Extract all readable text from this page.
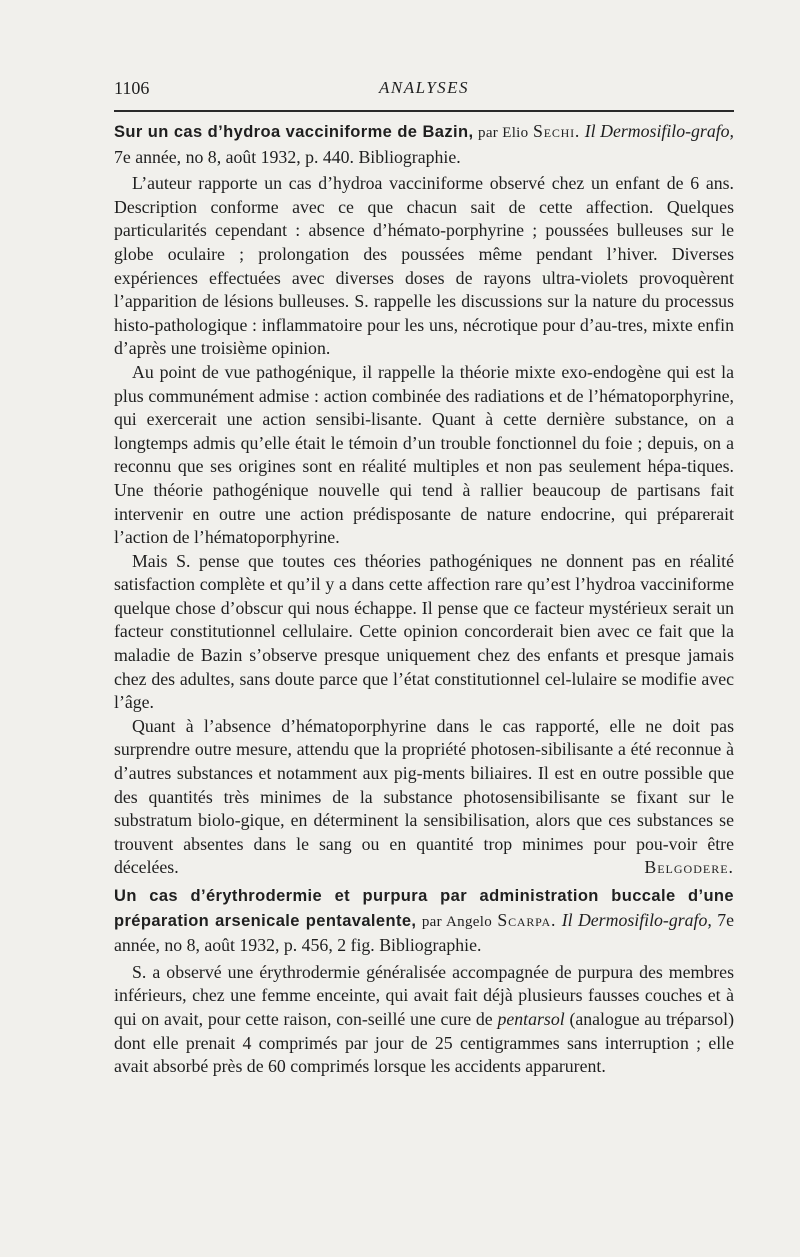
1106	ANALYSES
Sur un cas d’hydroa vacciniforme de Bazin, par Elio Sechi. Il Dermosifilo-grafo, 7e année, no 8, août 1932, p. 440. Bibliographie.

L’auteur rapporte un cas d’hydroa vacciniforme observé chez un enfant de 6 ans. Description conforme avec ce que chacun sait de cette affection. Quelques particularités cependant : absence d’hémato-porphyrine ; poussées bulleuses sur le globe oculaire ; prolongation des poussées même pendant l’hiver. Diverses expériences effectuées avec diverses doses de rayons ultra-violets provoquèrent l’apparition de lésions bulleuses. S. rappelle les discussions sur la nature du processus histo-pathologique : inflammatoire pour les uns, nécrotique pour d’au-tres, mixte enfin d’après une troisième opinion.

Au point de vue pathogénique, il rappelle la théorie mixte exo-endogène qui est la plus communément admise : action combinée des radiations et de l’hématoporphyrine, qui exercerait une action sensibi-lisante. Quant à cette dernière substance, on a longtemps admis qu’elle était le témoin d’un trouble fonctionnel du foie ; depuis, on a reconnu que ses origines sont en réalité multiples et non pas seulement hépa-tiques. Une théorie pathogénique nouvelle qui tend à rallier beaucoup de partisans fait intervenir en outre une action prédisposante de nature endocrine, qui préparerait l’action de l’hématoporphyrine.

Mais S. pense que toutes ces théories pathogéniques ne donnent pas en réalité satisfaction complète et qu’il y a dans cette affection rare qu’est l’hydroa vacciniforme quelque chose d’obscur qui nous échappe. Il pense que ce facteur mystérieux serait un facteur constitutionnel cellulaire. Cette opinion concorderait bien avec ce fait que la maladie de Bazin s’observe presque uniquement chez des enfants et presque jamais chez des adultes, sans doute parce que l’état constitutionnel cel-lulaire se modifie avec l’âge.

Quant à l’absence d’hématoporphyrine dans le cas rapporté, elle ne doit pas surprendre outre mesure, attendu que la propriété photosen-sibilisante a été reconnue à d’autres substances et notamment aux pig-ments biliaires. Il est en outre possible que des quantités très minimes de la substance photosensibilisante se fixant sur le substratum biolo-gique, en déterminent la sensibilisation, alors que ces substances se trouvent absentes dans le sang ou en quantité trop minimes pour pou-voir être décelées.	Belgodere.

Un cas d’érythrodermie et purpura par administration buccale d’une préparation arsenicale pentavalente, par Angelo Scarpa. Il Dermosifilo-grafo, 7e année, no 8, août 1932, p. 456, 2 fig. Bibliographie.

S. a observé une érythrodermie généralisée accompagnée de purpura des membres inférieurs, chez une femme enceinte, qui avait fait déjà plusieurs fausses couches et à qui on avait, pour cette raison, con-seillé une cure de pentarsol (analogue au tréparsol) dont elle prenait 4 comprimés par jour de 25 centigrammes sans interruption ; elle avait absorbé près de 60 comprimés lorsque les accidents apparurent.
